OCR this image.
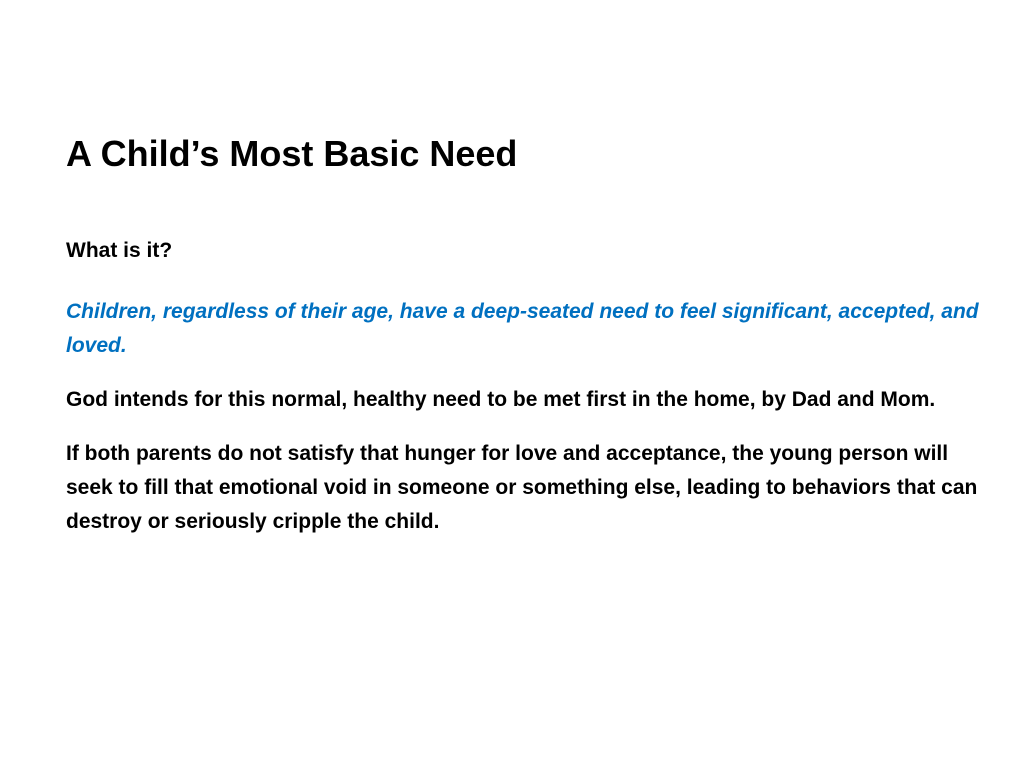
A Child’s Most Basic Need

What is it?

Children, regardless of their age, have a deep-seated need to feel significant, accepted, and loved.

God intends for this normal, healthy need to be met first in the home, by Dad and Mom.

If both parents do not satisfy that hunger for love and acceptance, the young person will seek to fill that emotional void in someone or something else, leading to behaviors that can destroy or seriously cripple the child.
